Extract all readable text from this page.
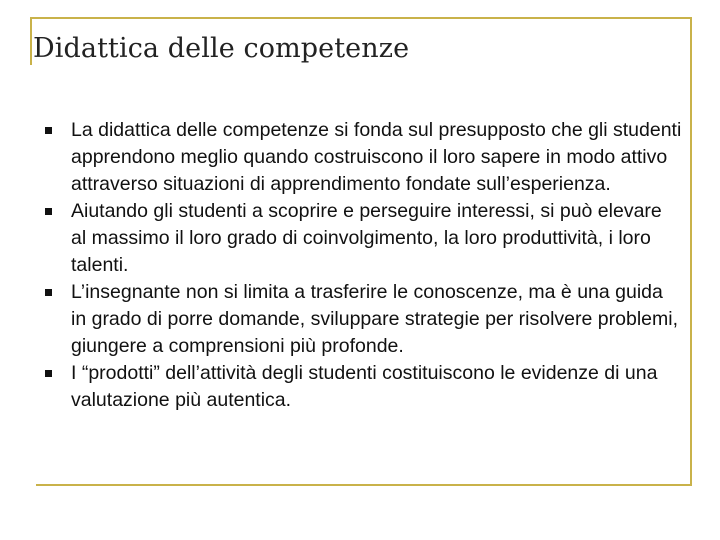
Didattica delle competenze
La didattica delle competenze si fonda sul presupposto che gli studenti apprendono meglio quando costruiscono il loro sapere in modo attivo attraverso situazioni di apprendimento fondate sull’esperienza.
Aiutando gli studenti a scoprire e perseguire interessi, si può elevare al massimo il loro grado di coinvolgimento, la loro produttività, i loro talenti.
L’insegnante non si limita a trasferire le conoscenze, ma è una guida in grado di porre domande, sviluppare strategie per risolvere problemi, giungere a comprensioni più profonde.
I “prodotti” dell’attività degli studenti costituiscono le evidenze di una valutazione più autentica.
